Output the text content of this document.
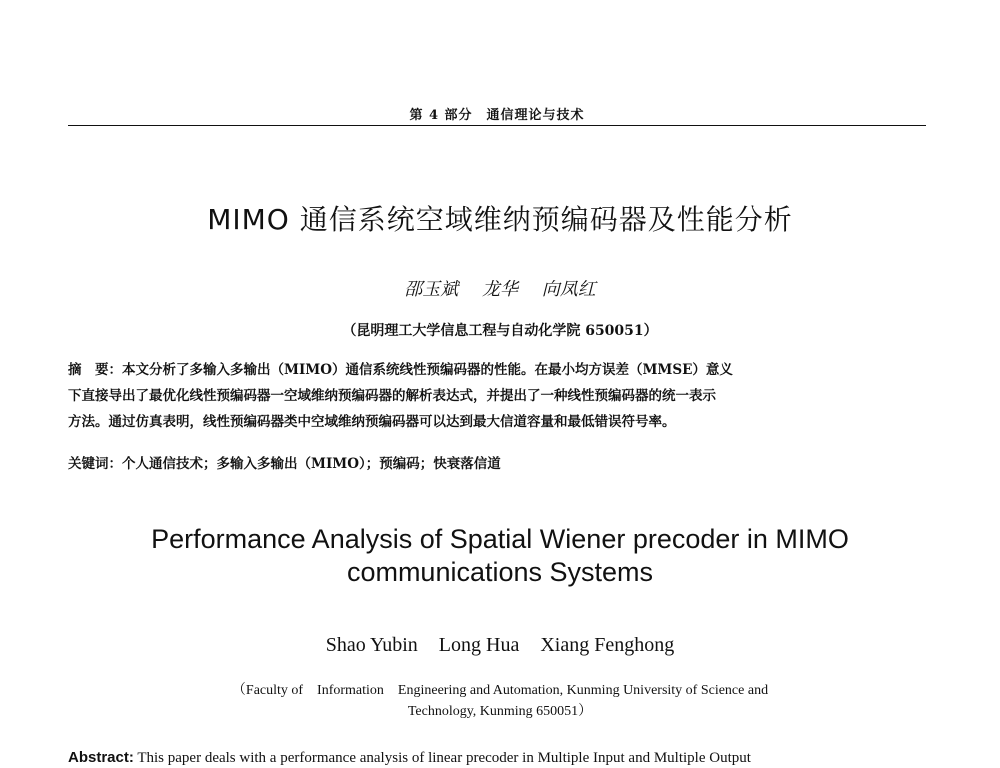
第 4 部分　通信理论与技术
MIMO 通信系统空域维纳预编码器及性能分析
邵玉斌 龙华 向凤红
（昆明理工大学信息工程与自动化学院 650051）

摘　要：本文分析了多输入多输出（MIMO）通信系统线性预编码器的性能。在最小均方误差（MMSE）意义

下直接导出了最优化线性预编码器一空域维纳预编码器的解析表达式，并提出了一种线性预编码器的统一表示

方法。通过仿真表明，线性预编码器类中空域维纳预编码器可以达到最大信道容量和最低错误符号率。

关键词：个人通信技术；多输入多输出（MIMO）；预编码；快衰落信道
Performance Analysis of Spatial Wiener precoder in MIMO
communications Systems
Shao Yubin Long Hua Xiang Fenghong
（Faculty of　Information　Engineering and Automation, Kunming University of Science and
Technology, Kunming 650051）
Abstract: This paper deals with a performance analysis of linear precoder in Multiple Input and Multiple Output
